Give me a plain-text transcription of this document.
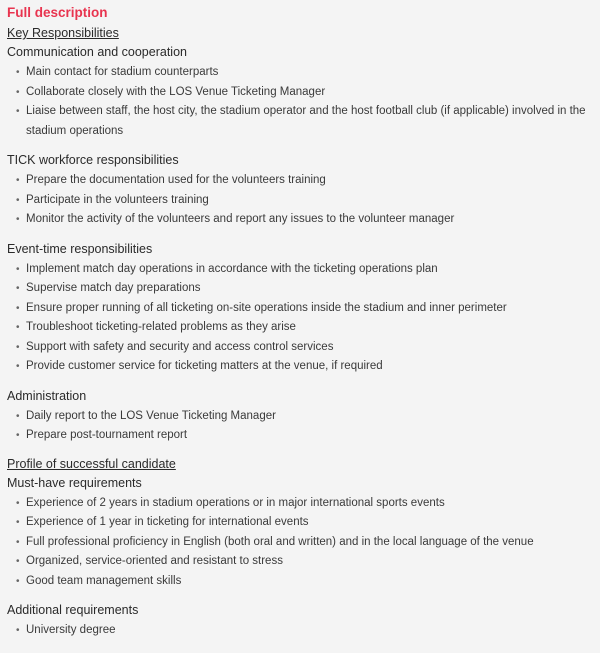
Full description
Key Responsibilities
Communication and cooperation
• Main contact for stadium counterparts
• Collaborate closely with the LOS Venue Ticketing Manager
• Liaise between staff, the host city, the stadium operator and the host football club (if applicable) involved in the stadium operations
TICK workforce responsibilities
• Prepare the documentation used for the volunteers training
• Participate in the volunteers training
• Monitor the activity of the volunteers and report any issues to the volunteer manager
Event-time responsibilities
• Implement match day operations in accordance with the ticketing operations plan
• Supervise match day preparations
• Ensure proper running of all ticketing on-site operations inside the stadium and inner perimeter
• Troubleshoot ticketing-related problems as they arise
• Support with safety and security and access control services
• Provide customer service for ticketing matters at the venue, if required
Administration
• Daily report to the LOS Venue Ticketing Manager
• Prepare post-tournament report
Profile of successful candidate
Must-have requirements
• Experience of 2 years in stadium operations or in major international sports events
• Experience of 1 year in ticketing for international events
• Full professional proficiency in English (both oral and written) and in the local language of the venue
• Organized, service-oriented and resistant to stress
• Good team management skills
Additional requirements
• University degree
